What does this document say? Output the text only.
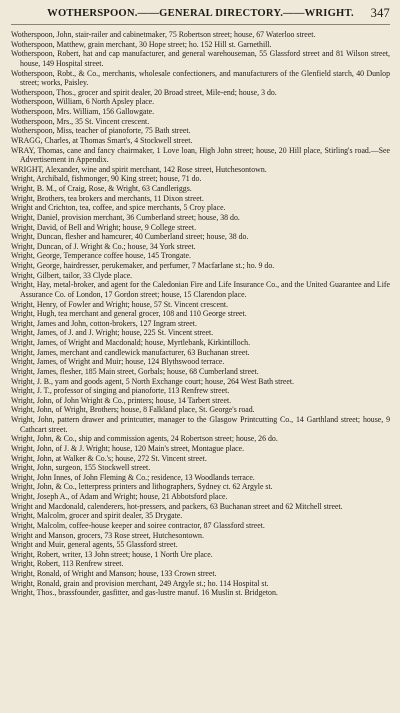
WOTHERSPOON.——GENERAL DIRECTORY.——WRIGHT.	347
Wotherspoon, John, stair-railer and cabinetmaker, 75 Robertson street; house, 67 Waterloo street.
Wotherspoon, Matthew, grain merchant, 30 Hope street; ho. 152 Hill st. Garnethill.
Wotherspoon, Robert, hat and cap manufacturer, and general warehouseman, 55 Glassford street and 81 Wilson street, house, 149 Hospital street.
Wotherspoon, Robt., & Co., merchants, wholesale confectioners, and manufacturers of the Glenfield starch, 40 Dunlop street; works, Paisley.
Wotherspoon, Thos., grocer and spirit dealer, 20 Broad street, Mile-end; house, 3 do.
Wotherspoon, William, 6 North Apsley place.
Wotherspoon, Mrs. William, 156 Gallowgate.
Wotherspoon, Mrs., 35 St. Vincent crescent.
Wotherspoon, Miss, teacher of pianoforte, 75 Bath street.
WRAGG, Charles, at Thomas Smart's, 4 Stockwell street.
WRAY, Thomas, cane and fancy chairmaker, 1 Love loan, High John street; house, 20 Hill place, Stirling's road.—See Advertisement in Appendix.
WRIGHT, Alexander, wine and spirit merchant, 142 Rose street, Hutchesontown.
Wright, Archibald, fishmonger, 90 King street; house, 71 do.
Wright, B. M., of Craig, Rose, & Wright, 63 Candleriggs.
Wright, Brothers, tea brokers and merchants, 11 Dixon street.
Wright and Crichton, tea, coffee, and spice merchants, 5 Croy place.
Wright, Daniel, provision merchant, 36 Cumberland street; house, 38 do.
Wright, David, of Bell and Wright; house, 9 College street.
Wright, Duncan, flesher and hamcurer, 40 Cumberland street; house, 38 do.
Wright, Duncan, of J. Wright & Co.; house, 34 York street.
Wright, George, Temperance coffee house, 145 Trongate.
Wright, George, hairdresser, perukemaker, and perfumer, 7 Macfarlane st.; ho. 9 do.
Wright, Gilbert, tailor, 33 Clyde place.
Wright, Hay, metal-broker, and agent for the Caledonian Fire and Life Insurance Co., and the United Guarantee and Life Assurance Co. of London, 17 Gordon street; house, 15 Clarendon place.
Wright, Henry, of Fowler and Wright; house, 57 St. Vincent crescent.
Wright, Hugh, tea merchant and general grocer, 108 and 110 George street.
Wright, James and John, cotton-brokers, 127 Ingram street.
Wright, James, of J. and J. Wright; house, 225 St. Vincent street.
Wright, James, of Wright and Macdonald; house, Myrtlebank, Kirkintilloch.
Wright, James, merchant and candlewick manufacturer, 63 Buchanan street.
Wright, James, of Wright and Muir; house, 124 Blythswood terrace.
Wright, James, flesher, 185 Main street, Gorbals; house, 68 Cumberland street.
Wright, J. B., yarn and goods agent, 5 North Exchange court; house, 264 West Bath street.
Wright, J. T., professor of singing and pianoforte, 113 Renfrew street.
Wright, John, of John Wright & Co., printers; house, 14 Tarbert street.
Wright, John, of Wright, Brothers; house, 8 Falkland place, St. George's road.
Wright, John, pattern drawer and printcutter, manager to the Glasgow Printcutting Co., 14 Garthland street; house, 9 Cathcart street.
Wright, John, & Co., ship and commission agents, 24 Robertson street; house, 26 do.
Wright, John, of J. & J. Wright; house, 120 Main's street, Montague place.
Wright, John, at Walker & Co.'s; house, 272 St. Vincent street.
Wright, John, surgeon, 155 Stockwell street.
Wright, John Innes, of John Fleming & Co.; residence, 13 Woodlands terrace.
Wright, John, & Co., letterpress printers and lithographers, Sydney ct. 62 Argyle st.
Wright, Joseph A., of Adam and Wright; house, 21 Abbotsford place.
Wright and Macdonald, calenderers, hot-pressers, and packers, 63 Buchanan street and 62 Mitchell street.
Wright, Malcolm, grocer and spirit dealer, 35 Drygate.
Wright, Malcolm, coffee-house keeper and soiree contractor, 87 Glassford street.
Wright and Manson, grocers, 73 Rose street, Hutchesontown.
Wright and Muir, general agents, 55 Glassford street.
Wright, Robert, writer, 13 John street; house, 1 North Ure place.
Wright, Robert, 113 Renfrew street.
Wright, Ronald, of Wright and Manson; house, 133 Crown street.
Wright, Ronald, grain and provision merchant, 249 Argyle st.; ho. 114 Hospital st.
Wright, Thos., brassfounder, gasfitter, and gas-lustre manuf. 16 Muslin st. Bridgeton.
